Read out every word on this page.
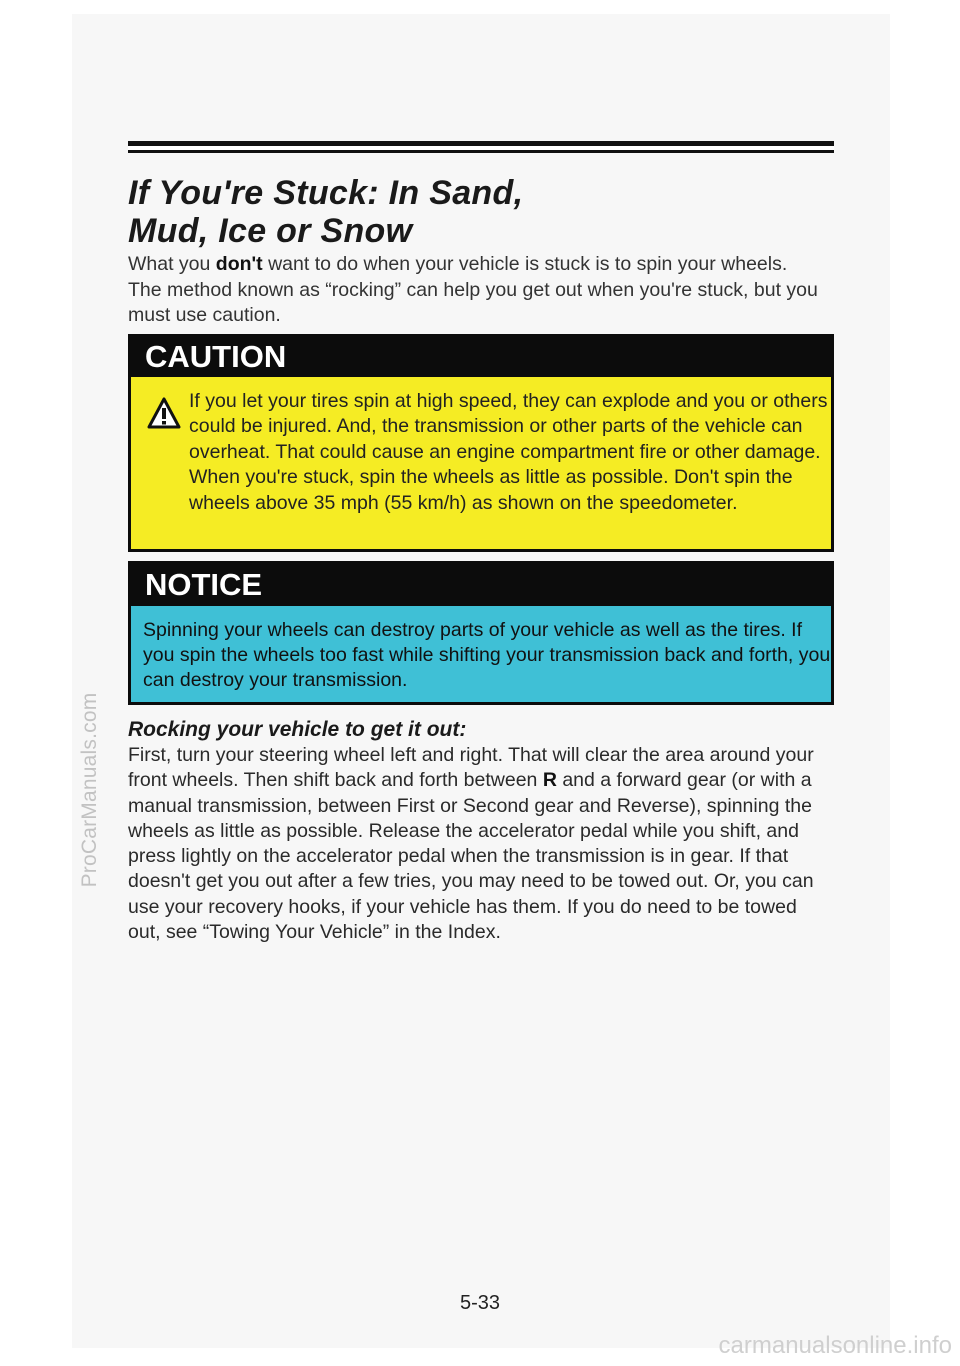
If You're Stuck: In Sand,
Mud, Ice or Snow

What you don't want to do when your vehicle is stuck is to spin your wheels. The method known as “rocking” can help you get out when you're stuck, but you must use caution.

CAUTION

If you let your tires spin at high speed, they can explode and you or others could be injured. And, the transmission or other parts of the vehicle can overheat. That could cause an engine compartment fire or other damage. When you're stuck, spin the wheels as little as possible. Don't spin the wheels above 35 mph (55 km/h) as shown on the speedometer.

NOTICE

Spinning your wheels can destroy parts of your vehicle as well as the tires. If you spin the wheels too fast while shifting your transmission back and forth, you can destroy your transmission.

Rocking your vehicle to get it out:

First, turn your steering wheel left and right. That will clear the area around your front wheels. Then shift back and forth between R and a forward gear (or with a manual transmission, between First or Second gear and Reverse), spinning the wheels as little as possible. Release the accelerator pedal while you shift, and press lightly on the accelerator pedal when the transmission is in gear. If that doesn't get you out after a few tries, you may need to be towed out. Or, you can use your recovery hooks, if your vehicle has them. If you do need to be towed out, see “Towing Your Vehicle” in the Index.

5-33
ProCarManuals.com
carmanualsonline.info
